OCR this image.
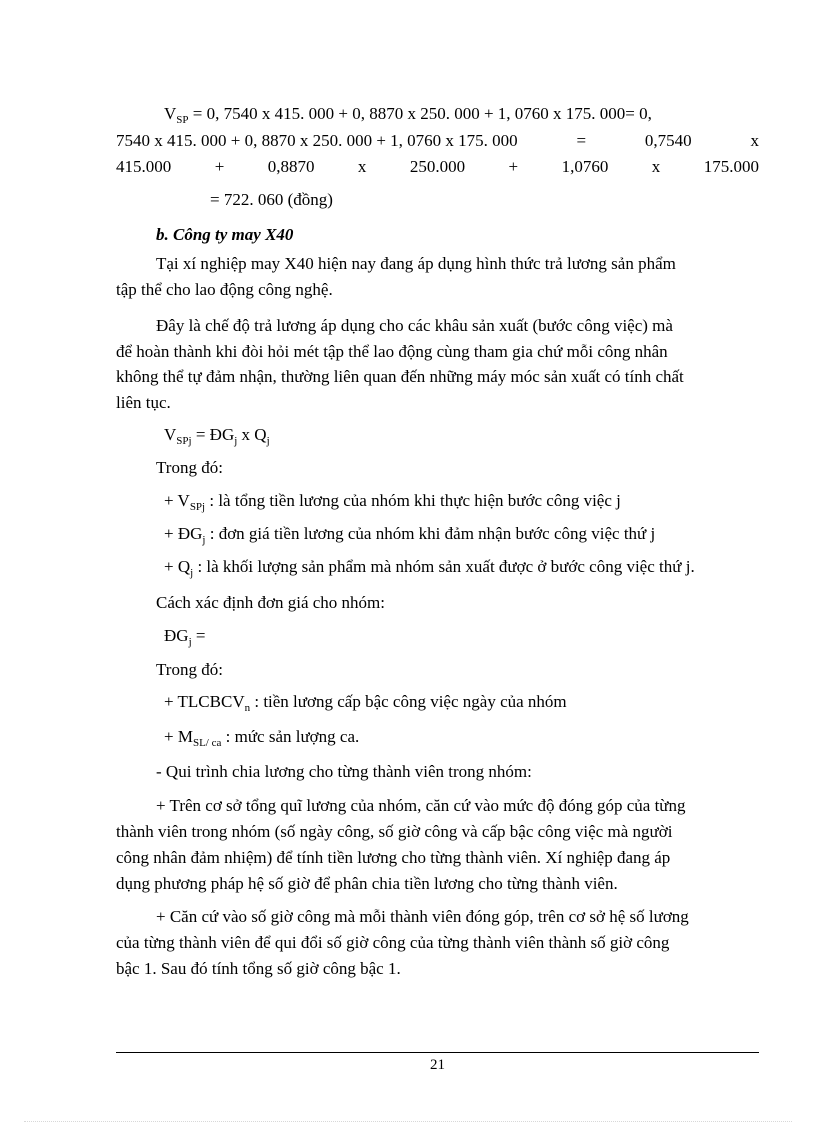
$V_{SP} = 0$, 7540 x 415. 000 + 0, 8870 x 250. 000 + 1, 0760 x 175. 000= 0,
7540 x 415. 000 + 0, 8870 x 250. 000 + 1, 0760 x 175. 000	=	0,7540	x
415.000	+	0,8870	x	250.000	+	1,0760	x	175.000
= 722. 060 (đồng)
b. Công ty may X40
Tại xí nghiệp may X40 hiện nay đang áp dụng hình thức trả lương sản phẩm
tập thể cho lao động công nghệ.
Đây là chế độ trả lương áp dụng cho các khâu sản xuất (bước công việc) mà
để hoàn thành khi đòi hỏi mét tập thể lao động cùng tham gia chứ mỗi công nhân
không thể tự đảm nhận, thường liên quan đến những máy móc sản xuất có tính chất
liên tục.
$V_{SPj}$ = $ĐG_j$ x $Q_j$
Trong đó:
+ $V_{SPj}$ : là tổng tiền lương của nhóm khi thực hiện bước công việc j
+ $ĐG_j$ : đơn giá tiền lương của nhóm khi đảm nhận bước công việc thứ j
+ $Q_j$ : là khối lượng sản phẩm mà nhóm sản xuất được ở bước công việc thứ j.
Cách xác định đơn giá cho nhóm:
$ĐG_j$ =
Trong đó:
+ $TLCBCV_n$ : tiền lương cấp bậc công việc ngày của nhóm
+ $M_{SL/ ca}$ : mức sản lượng ca.
- Qui trình chia lương cho từng thành viên trong nhóm:
+ Trên cơ sở tổng quĩ lương của nhóm, căn cứ vào mức độ đóng góp của từng
thành viên trong nhóm (số ngày công, số giờ công và cấp bậc công việc mà người
công nhân đảm nhiệm) để tính tiền lương cho từng thành viên. Xí nghiệp đang áp
dụng phương pháp hệ số giờ để phân chia tiền lương cho từng thành viên.
+ Căn cứ vào số giờ công mà mỗi thành viên đóng góp, trên cơ sở hệ số lương
của từng thành viên để qui đổi số giờ công của từng thành viên thành số giờ công
bậc 1. Sau đó tính tổng số giờ công bậc 1.
21
